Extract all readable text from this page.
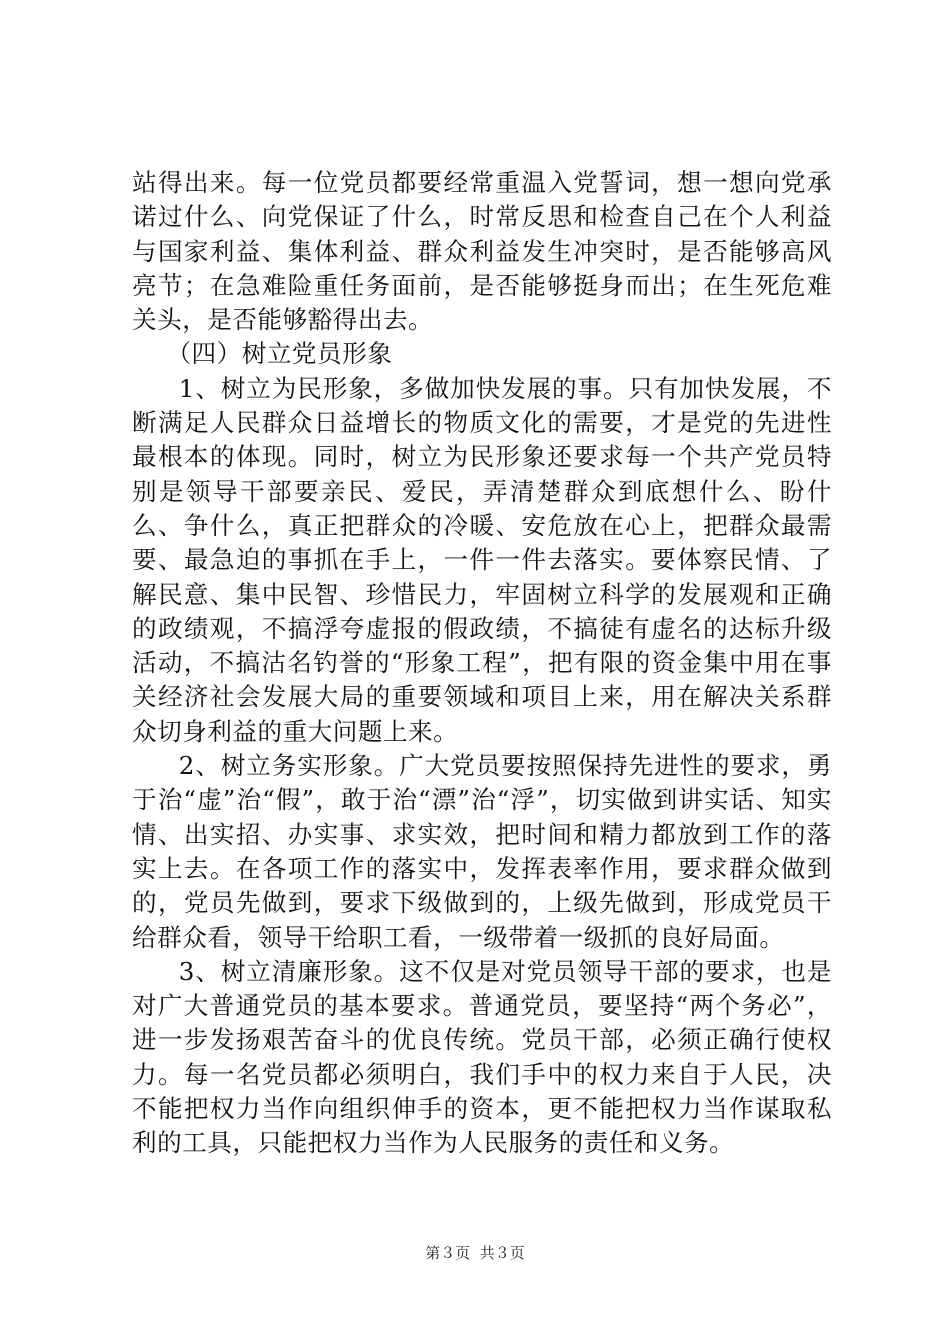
站得出来。每一位党员都要经常重温入党誓词，想一想向党承诺过什么、向党保证了什么，时常反思和检查自己在个人利益与国家利益、集体利益、群众利益发生冲突时，是否能够高风亮节；在急难险重任务面前，是否能够挺身而出；在生死危难关头，是否能够豁得出去。

（四）树立党员形象

1、树立为民形象，多做加快发展的事。只有加快发展，不断满足人民群众日益增长的物质文化的需要，才是党的先进性最根本的体现。同时，树立为民形象还要求每一个共产党员特别是领导干部要亲民、爱民，弄清楚群众到底想什么、盼什么、争什么，真正把群众的冷暖、安危放在心上，把群众最需要、最急迫的事抓在手上，一件一件去落实。要体察民情、了解民意、集中民智、珍惜民力，牢固树立科学的发展观和正确的政绩观，不搞浮夸虚报的假政绩，不搞徒有虚名的达标升级活动，不搞沽名钓誉的“形象工程”，把有限的资金集中用在事关经济社会发展大局的重要领域和项目上来，用在解决关系群众切身利益的重大问题上来。

2、树立务实形象。广大党员要按照保持先进性的要求，勇于治“虚”治“假”，敢于治“漂”治“浮”，切实做到讲实话、知实情、出实招、办实事、求实效，把时间和精力都放到工作的落实上去。在各项工作的落实中，发挥表率作用，要求群众做到的，党员先做到，要求下级做到的，上级先做到，形成党员干给群众看，领导干给职工看，一级带着一级抓的良好局面。

3、树立清廉形象。这不仅是对党员领导干部的要求，也是对广大普通党员的基本要求。普通党员，要坚持“两个务必”，进一步发扬艰苦奋斗的优良传统。党员干部，必须正确行使权力。每一名党员都必须明白，我们手中的权力来自于人民，决不能把权力当作向组织伸手的资本，更不能把权力当作谋取私利的工具，只能把权力当作为人民服务的责任和义务。

第３页  共３页
